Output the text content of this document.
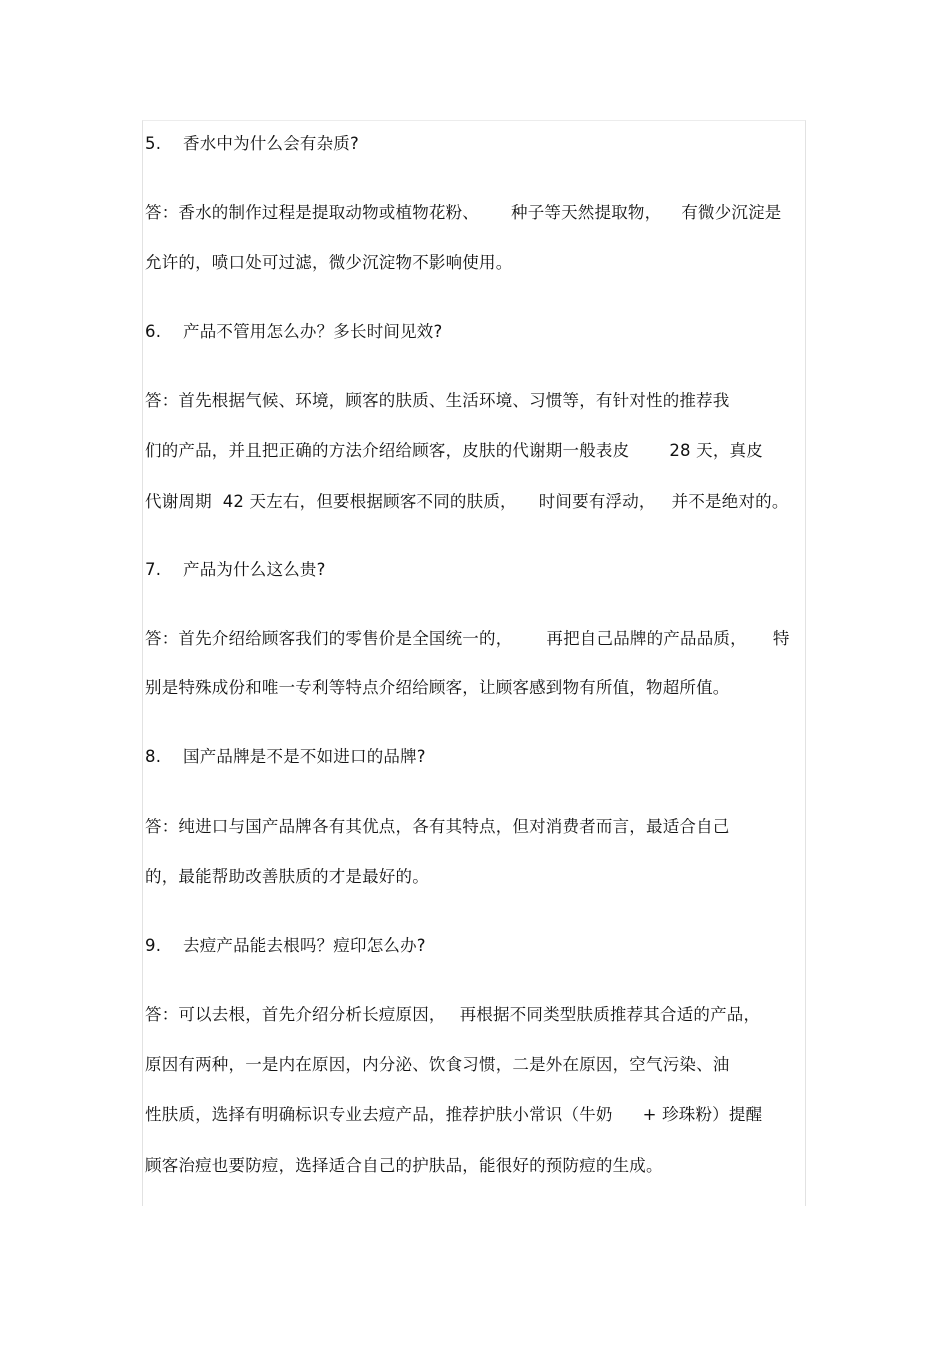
5. 香水中为什么会有杂质?
答：香水的制作过程是提取动物或植物花粉、 种子等天然提取物， 有微少沉淀是
允许的，喷口处可过滤，微少沉淀物不影响使用。
6. 产品不管用怎么办？多长时间见效?
答：首先根据气候、环境，顾客的肤质、生活环境、习惯等，有针对性的推荐我
们的产品，并且把正确的方法介绍给顾客，皮肤的代谢期一般表皮 28 天，真皮
代谢周期  42 天左右，但要根据顾客不同的肤质， 时间要有浮动， 并不是绝对的。
7. 产品为什么这么贵?
答：首先介绍给顾客我们的零售价是全国统一的， 再把自己品牌的产品品质， 特
别是特殊成份和唯一专利等特点介绍给顾客，让顾客感到物有所值，物超所值。
8. 国产品牌是不是不如进口的品牌?
答：纯进口与国产品牌各有其优点，各有其特点，但对消费者而言，最适合自己
的，最能帮助改善肤质的才是最好的。
9. 去痘产品能去根吗？痘印怎么办?
答：可以去根，首先介绍分析长痘原因， 再根据不同类型肤质推荐其合适的产品，
原因有两种，一是内在原因，内分泌、饮食习惯，二是外在原因，空气污染、油
性肤质，选择有明确标识专业去痘产品，推荐护肤小常识（牛奶 + 珍珠粉）提醒
顾客治痘也要防痘，选择适合自己的护肤品，能很好的预防痘的生成。
